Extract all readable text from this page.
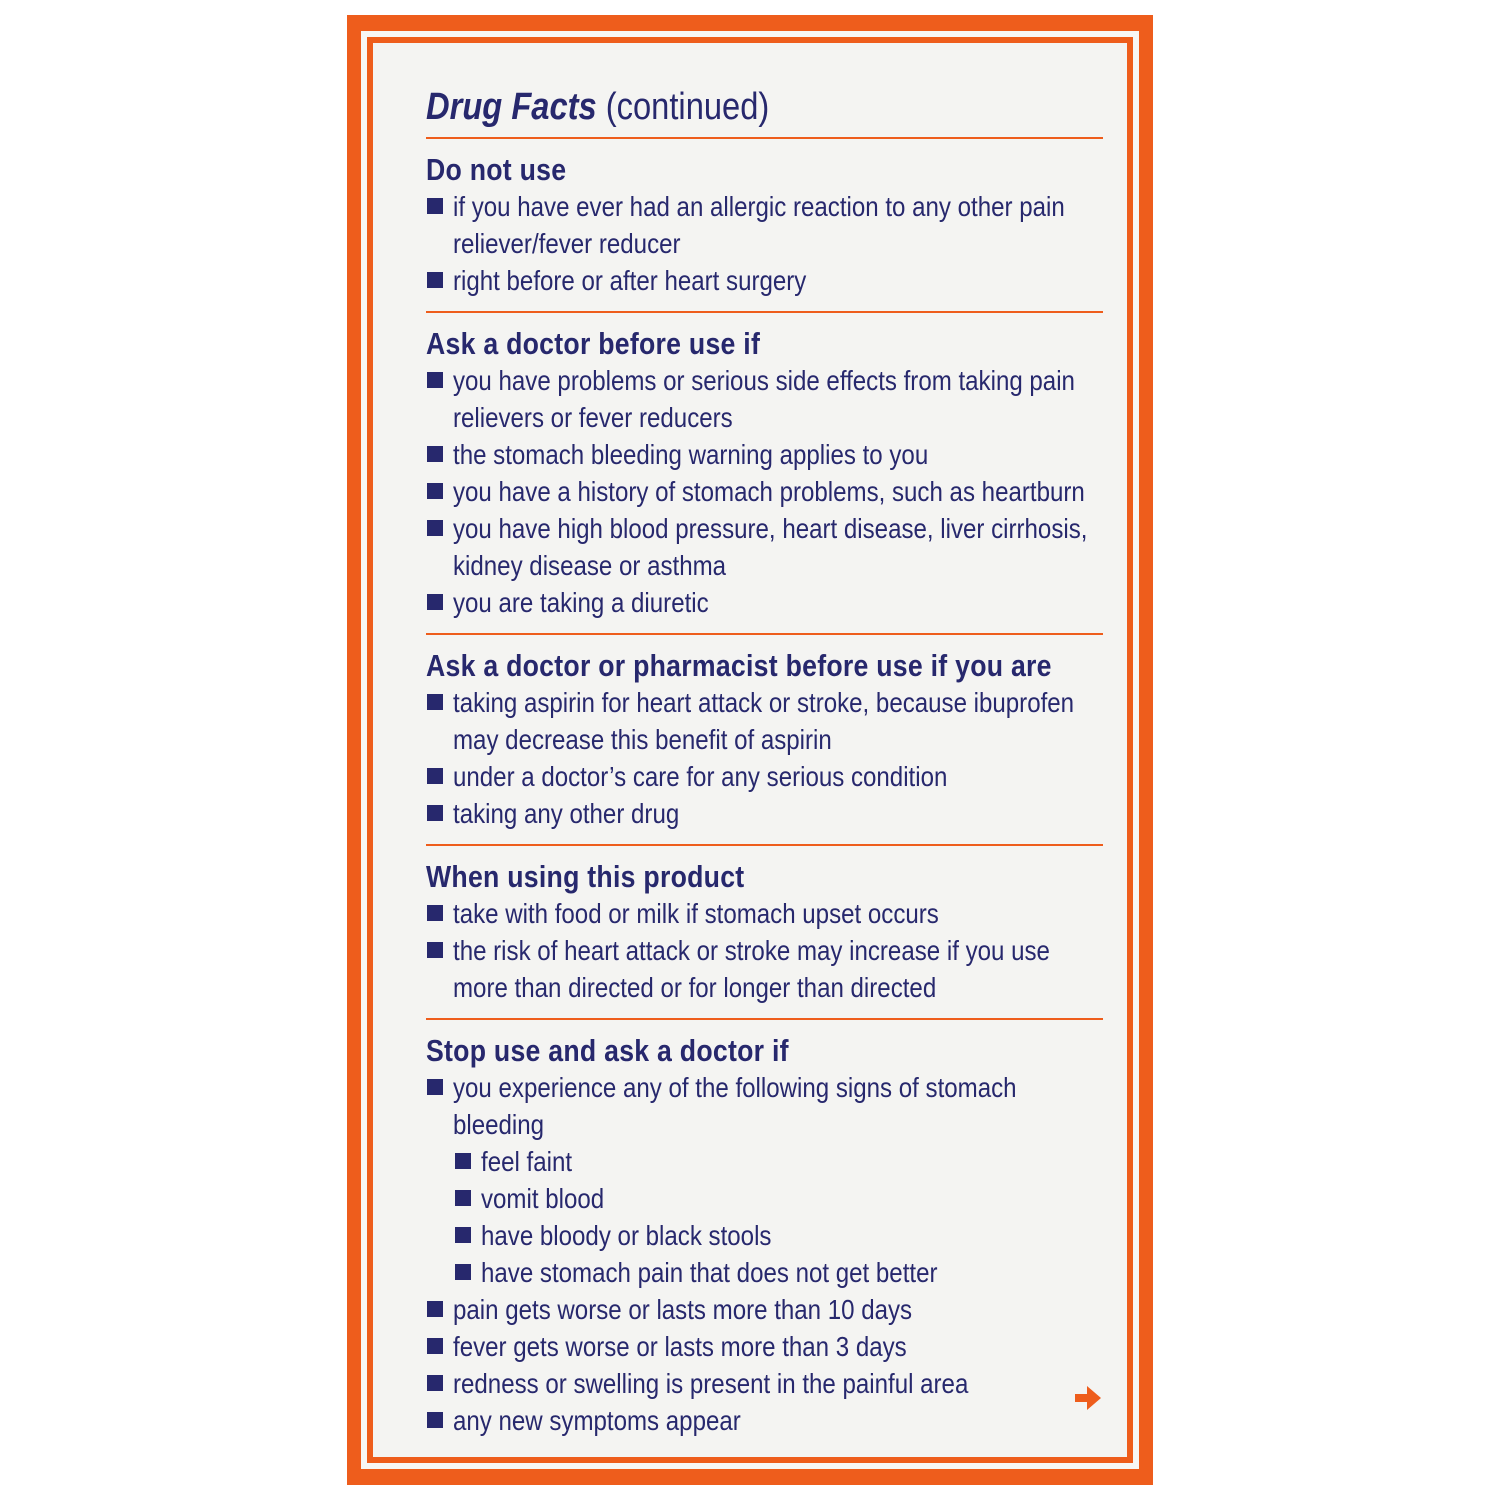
Drug Facts (continued)
Do not use
if you have ever had an allergic reaction to any other pain reliever/fever reducer
right before or after heart surgery
Ask a doctor before use if
you have problems or serious side effects from taking pain relievers or fever reducers
the stomach bleeding warning applies to you
you have a history of stomach problems, such as heartburn
you have high blood pressure, heart disease, liver cirrhosis, kidney disease or asthma
you are taking a diuretic
Ask a doctor or pharmacist before use if you are
taking aspirin for heart attack or stroke, because ibuprofen may decrease this benefit of aspirin
under a doctor’s care for any serious condition
taking any other drug
When using this product
take with food or milk if stomach upset occurs
the risk of heart attack or stroke may increase if you use more than directed or for longer than directed
Stop use and ask a doctor if
you experience any of the following signs of stomach bleeding
feel faint
vomit blood
have bloody or black stools
have stomach pain that does not get better
pain gets worse or lasts more than 10 days
fever gets worse or lasts more than 3 days
redness or swelling is present in the painful area
any new symptoms appear
